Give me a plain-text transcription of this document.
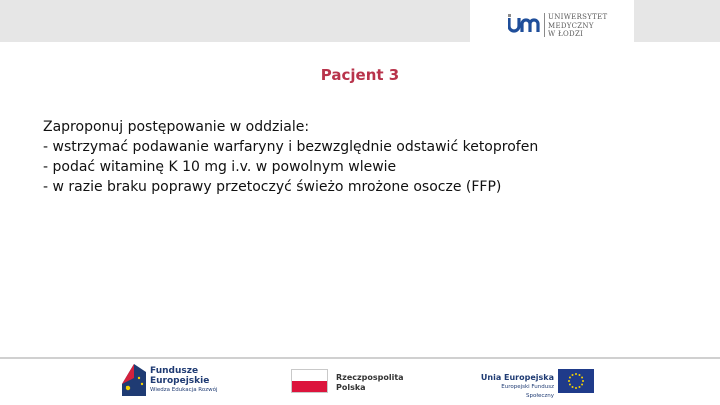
UNIWERSYTET
MEDYCZNY
W ŁODZI
Pacjent 3
Zaproponuj postępowanie w oddziale:
- wstrzymać podawanie warfaryny i bezwzględnie odstawić ketoprofen
- podać witaminę K 10 mg i.v. w powolnym wlewie
- w razie braku poprawy przetoczyć świeżo mrożone osocze (FFP)
Fundusze
Europejskie
Wiedza Edukacja Rozwój
Rzeczpospolita
Polska
Unia Europejska
Europejski Fundusz Społeczny
